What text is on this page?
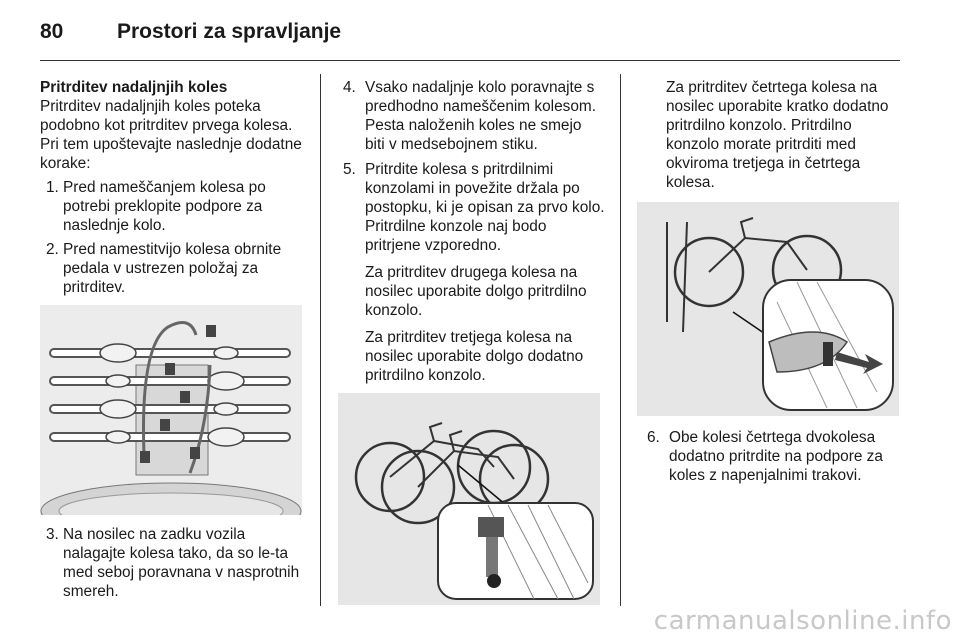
80	Prostori za spravljanje

Pritrditev nadaljnjih koles

Pritrditev nadaljnjih koles poteka podobno kot pritrditev prvega kolesa. Pri tem upoštevajte naslednje dodatne korake:

1. Pred nameščanjem kolesa po potrebi preklopite podpore za naslednje kolo.
2. Pred namestitvijo kolesa obrnite pedala v ustrezen položaj za pritrditev.
3. Na nosilec na zadku vozila nalagajte kolesa tako, da so le-ta med seboj poravnana v nasprotnih smereh.
4. Vsako nadaljnje kolo poravnajte s predhodno nameščenim kolesom. Pesta naloženih koles ne smejo biti v medsebojnem stiku.
5. Pritrdite kolesa s pritrdilnimi konzolami in povežite držala po postopku, ki je opisan za prvo kolo. Pritrdilne konzole naj bodo pritrjene vzporedno.

Za pritrditev drugega kolesa na nosilec uporabite dolgo pritrdilno konzolo.

Za pritrditev tretjega kolesa na nosilec uporabite dolgo dodatno pritrdilno konzolo.

Za pritrditev četrtega kolesa na nosilec uporabite kratko dodatno pritrdilno konzolo. Pritrdilno konzolo morate pritrditi med okviroma tretjega in četrtega kolesa.

6. Obe kolesi četrtega dvokolesa dodatno pritrdite na podpore za koles z napenjalnimi trakovi.
carmanualsonline.info
